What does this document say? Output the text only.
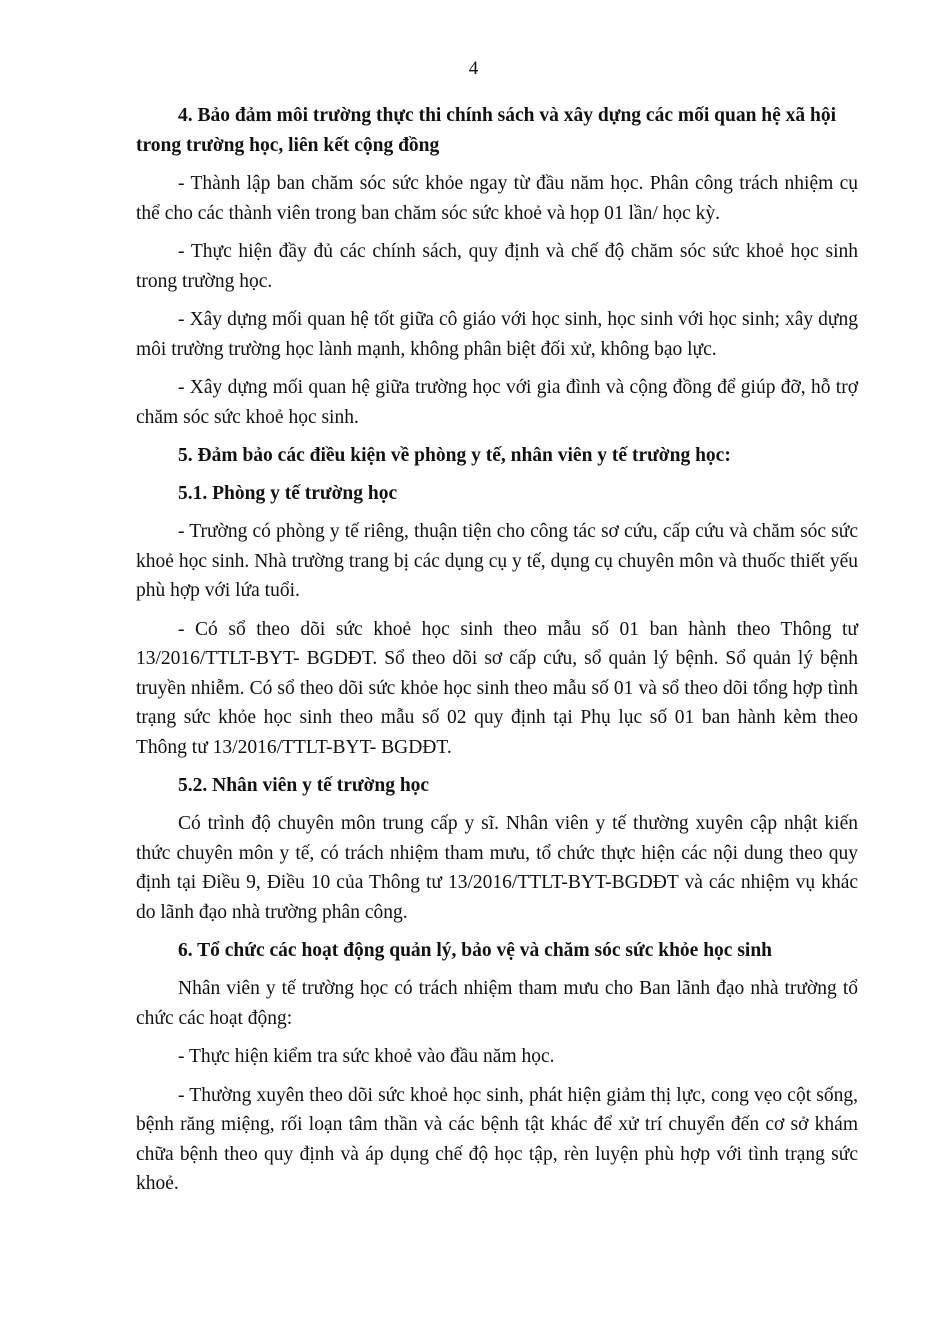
4
4. Bảo đảm môi trường thực thi chính sách và xây dựng các mối quan hệ xã hội trong trường học, liên kết cộng đồng

- Thành lập ban chăm sóc sức khỏe ngay từ đầu năm học. Phân công trách nhiệm cụ thể cho các thành viên trong ban chăm sóc sức khoẻ và họp 01 lần/ học kỳ.

- Thực hiện đầy đủ các chính sách, quy định và chế độ chăm sóc sức khoẻ học sinh trong trường học.

- Xây dựng mối quan hệ tốt giữa cô giáo với học sinh, học sinh với học sinh; xây dựng môi trường trường học lành mạnh, không phân biệt đối xử, không bạo lực.

- Xây dựng mối quan hệ giữa trường học với gia đình và cộng đồng để giúp đỡ, hỗ trợ chăm sóc sức khoẻ học sinh.

5. Đảm bảo các điều kiện về phòng y tế, nhân viên y tế trường học:
5.1. Phòng y tế trường học

- Trường có phòng y tế riêng, thuận tiện cho công tác sơ cứu, cấp cứu và chăm sóc sức khoẻ học sinh. Nhà trường trang bị các dụng cụ y tế, dụng cụ chuyên môn và thuốc thiết yếu phù hợp với lứa tuổi.

- Có sổ theo dõi sức khoẻ học sinh theo mẫu số 01 ban hành theo Thông tư 13/2016/TTLT-BYT- BGDĐT. Sổ theo dõi sơ cấp cứu, sổ quản lý bệnh. Sổ quản lý bệnh truyền nhiễm. Có sổ theo dõi sức khỏe học sinh theo mẫu số 01 và sổ theo dõi tổng hợp tình trạng sức khỏe học sinh theo mẫu số 02 quy định tại Phụ lục số 01 ban hành kèm theo Thông tư 13/2016/TTLT-BYT- BGDĐT.

5.2. Nhân viên y tế trường học

Có trình độ chuyên môn trung cấp y sĩ. Nhân viên y tế thường xuyên cập nhật kiến thức chuyên môn y tế, có trách nhiệm tham mưu, tổ chức thực hiện các nội dung theo quy định tại Điều 9, Điều 10 của Thông tư 13/2016/TTLT-BYT-BGDĐT và các nhiệm vụ khác do lãnh đạo nhà trường phân công.

6. Tổ chức các hoạt động quản lý, bảo vệ và chăm sóc sức khỏe học sinh

Nhân viên y tế trường học có trách nhiệm tham mưu cho Ban lãnh đạo nhà trường tổ chức các hoạt động:

- Thực hiện kiểm tra sức khoẻ vào đầu năm học.

- Thường xuyên theo dõi sức khoẻ học sinh, phát hiện giảm thị lực, cong vẹo cột sống, bệnh răng miệng, rối loạn tâm thần và các bệnh tật khác để xử trí chuyển đến cơ sở khám chữa bệnh theo quy định và áp dụng chế độ học tập, rèn luyện phù hợp với tình trạng sức khoẻ.
